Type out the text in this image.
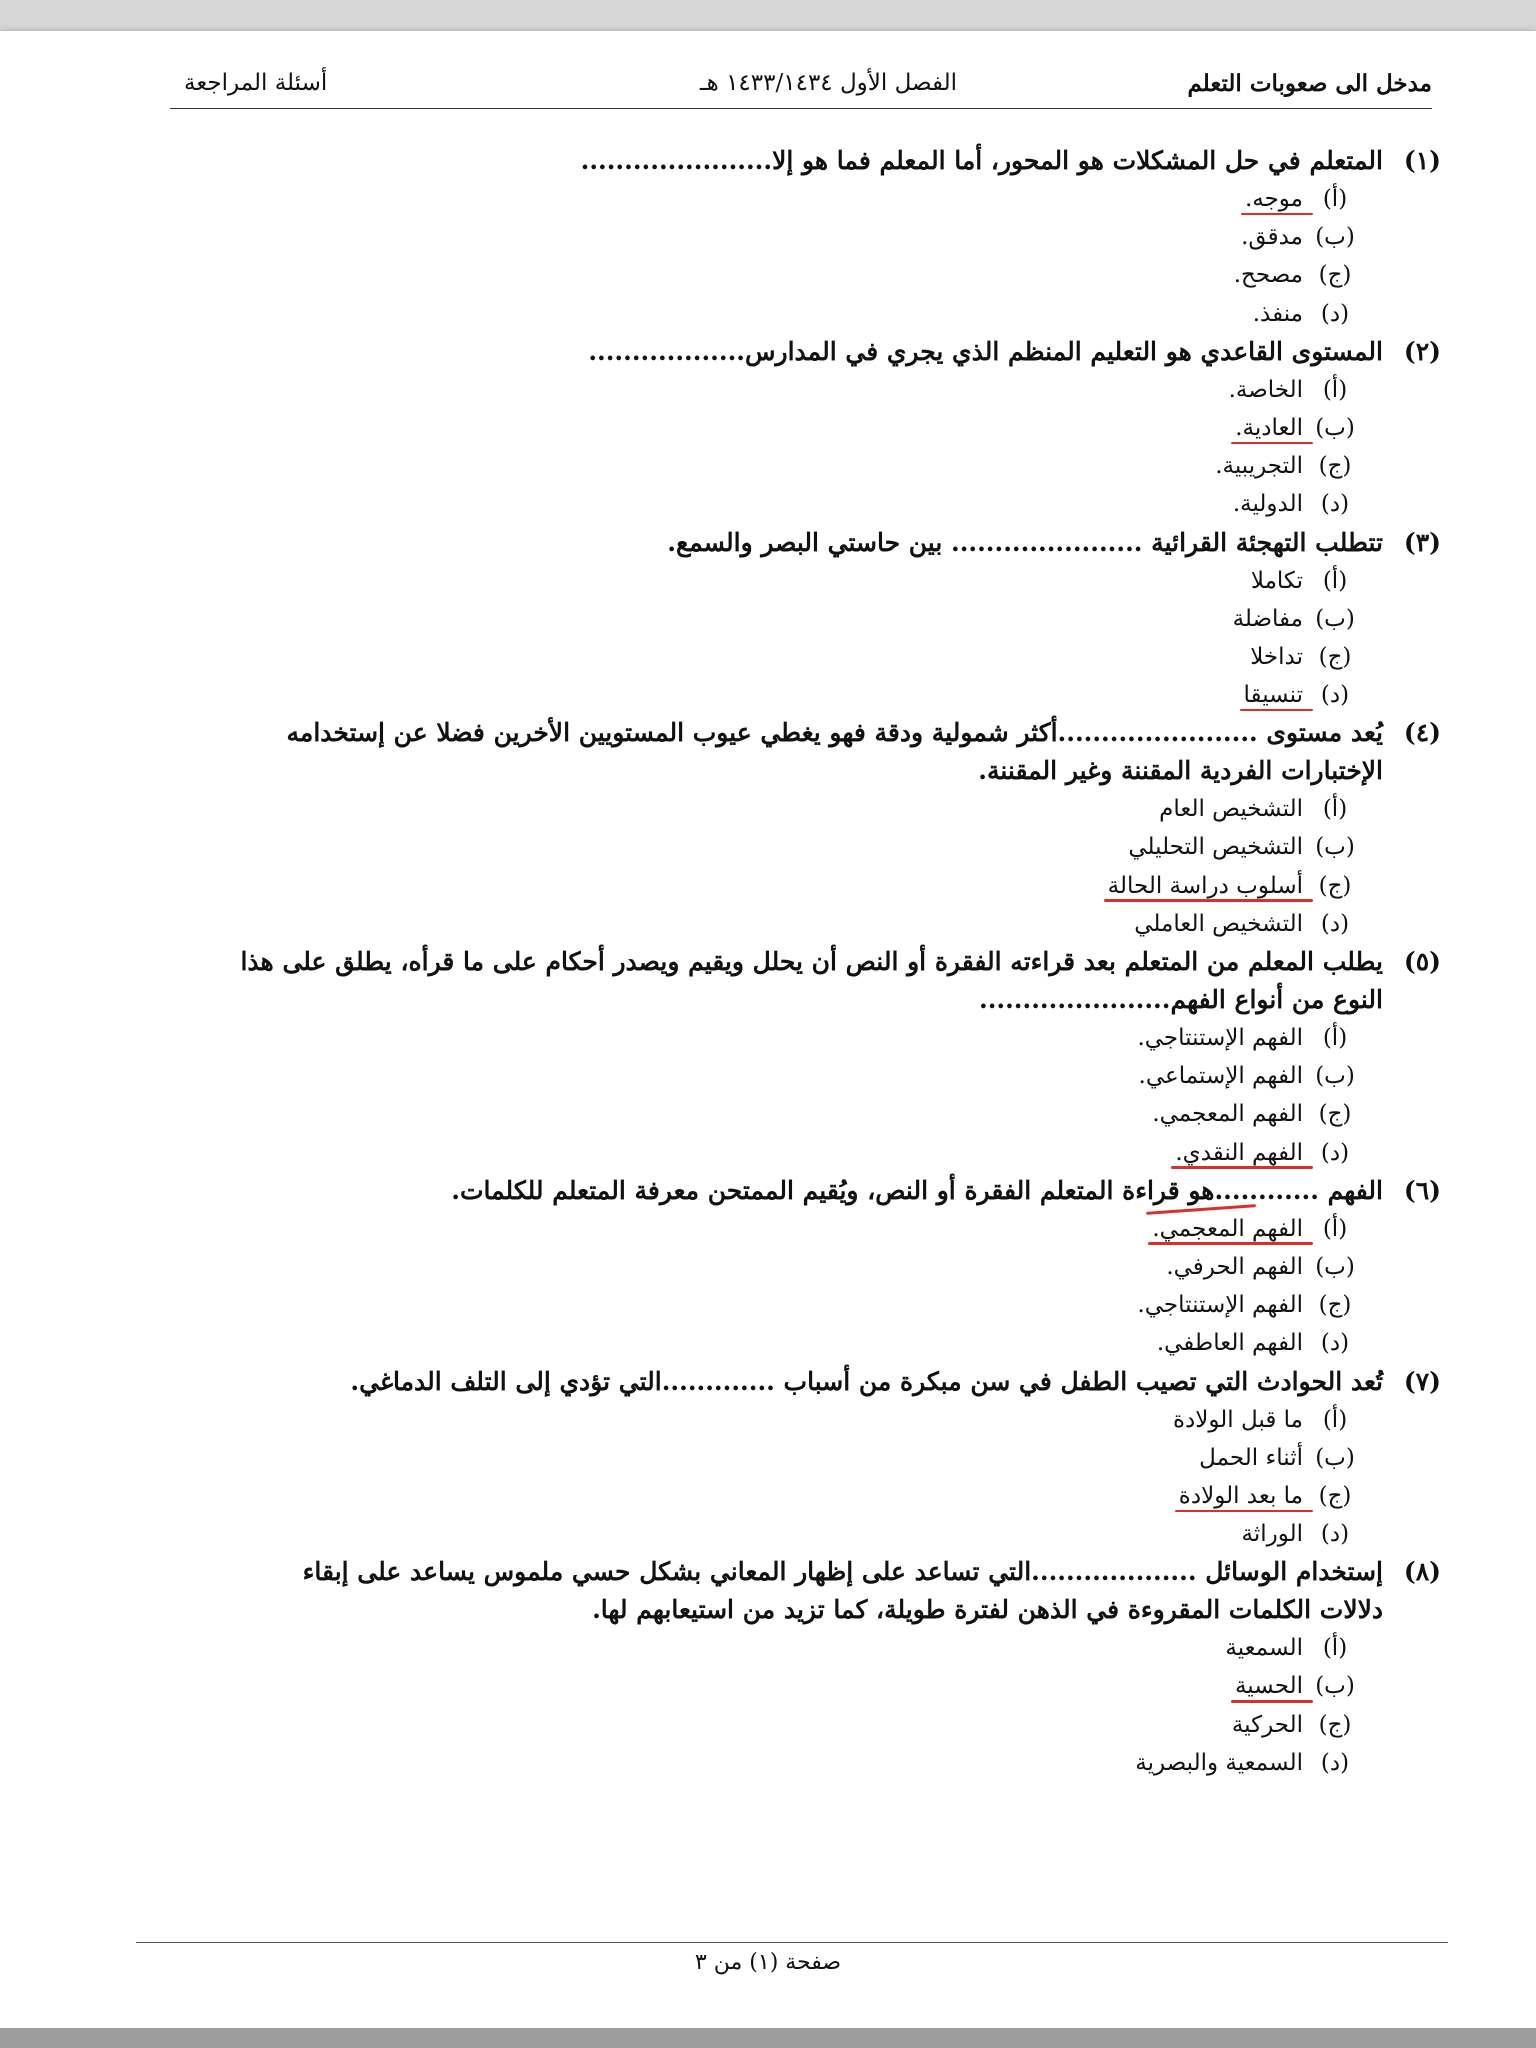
مدخل الى صعوبات التعلم
الفصل الأول ١٤٣٣/١٤٣٤ هـ
أسئلة المراجعة
(١)
المتعلم في حل المشكلات هو المحور، أما المعلم فما هو إلا......................
(أ)موجه.
(ب)مدقق.
(ج)مصحح.
(د)منفذ.
(٢)
المستوى القاعدي هو التعليم المنظم الذي يجري في المدارس..................
(أ)الخاصة.
(ب)العادية.
(ج)التجريبية.
(د)الدولية.
(٣)
تتطلب التهجئة القرائية ...................... بين حاستي البصر والسمع.
(أ)تكاملا
(ب)مفاضلة
(ج)تداخلا
(د)تنسيقا
(٤)
يُعد مستوى .......................أكثر شمولية ودقة فهو يغطي عيوب المستويين الأخرين فضلا عن إستخدامه
الإختبارات الفردية المقننة وغير المقننة.
(أ)التشخيص العام
(ب)التشخيص التحليلي
(ج)أسلوب دراسة الحالة
(د)التشخيص العاملي
(٥)
يطلب المعلم من المتعلم بعد قراءته الفقرة أو النص أن يحلل ويقيم ويصدر أحكام على ما قرأه، يطلق على هذا
النوع من أنواع الفهم......................
(أ)الفهم الإستنتاجي.
(ب)الفهم الإستماعي.
(ج)الفهم المعجمي.
(د)الفهم النقدي.
(٦)
الفهم ............هو قراءة المتعلم الفقرة أو النص، ويُقيم الممتحن معرفة المتعلم للكلمات.
(أ)الفهم المعجمي.
(ب)الفهم الحرفي.
(ج)الفهم الإستنتاجي.
(د)الفهم العاطفي.
(٧)
تُعد الحوادث التي تصيب الطفل في سن مبكرة من أسباب .............التي تؤدي إلى التلف الدماغي.
(أ)ما قبل الولادة
(ب)أثناء الحمل
(ج)ما بعد الولادة
(د)الوراثة
(٨)
إستخدام الوسائل ...................التي تساعد على إظهار المعاني بشكل حسي ملموس يساعد على إبقاء
دلالات الكلمات المقروءة في الذهن لفترة طويلة، كما تزيد من استيعابهم لها.
(أ)السمعية
(ب)الحسية
(ج)الحركية
(د)السمعية والبصرية
صفحة (١) من ٣
